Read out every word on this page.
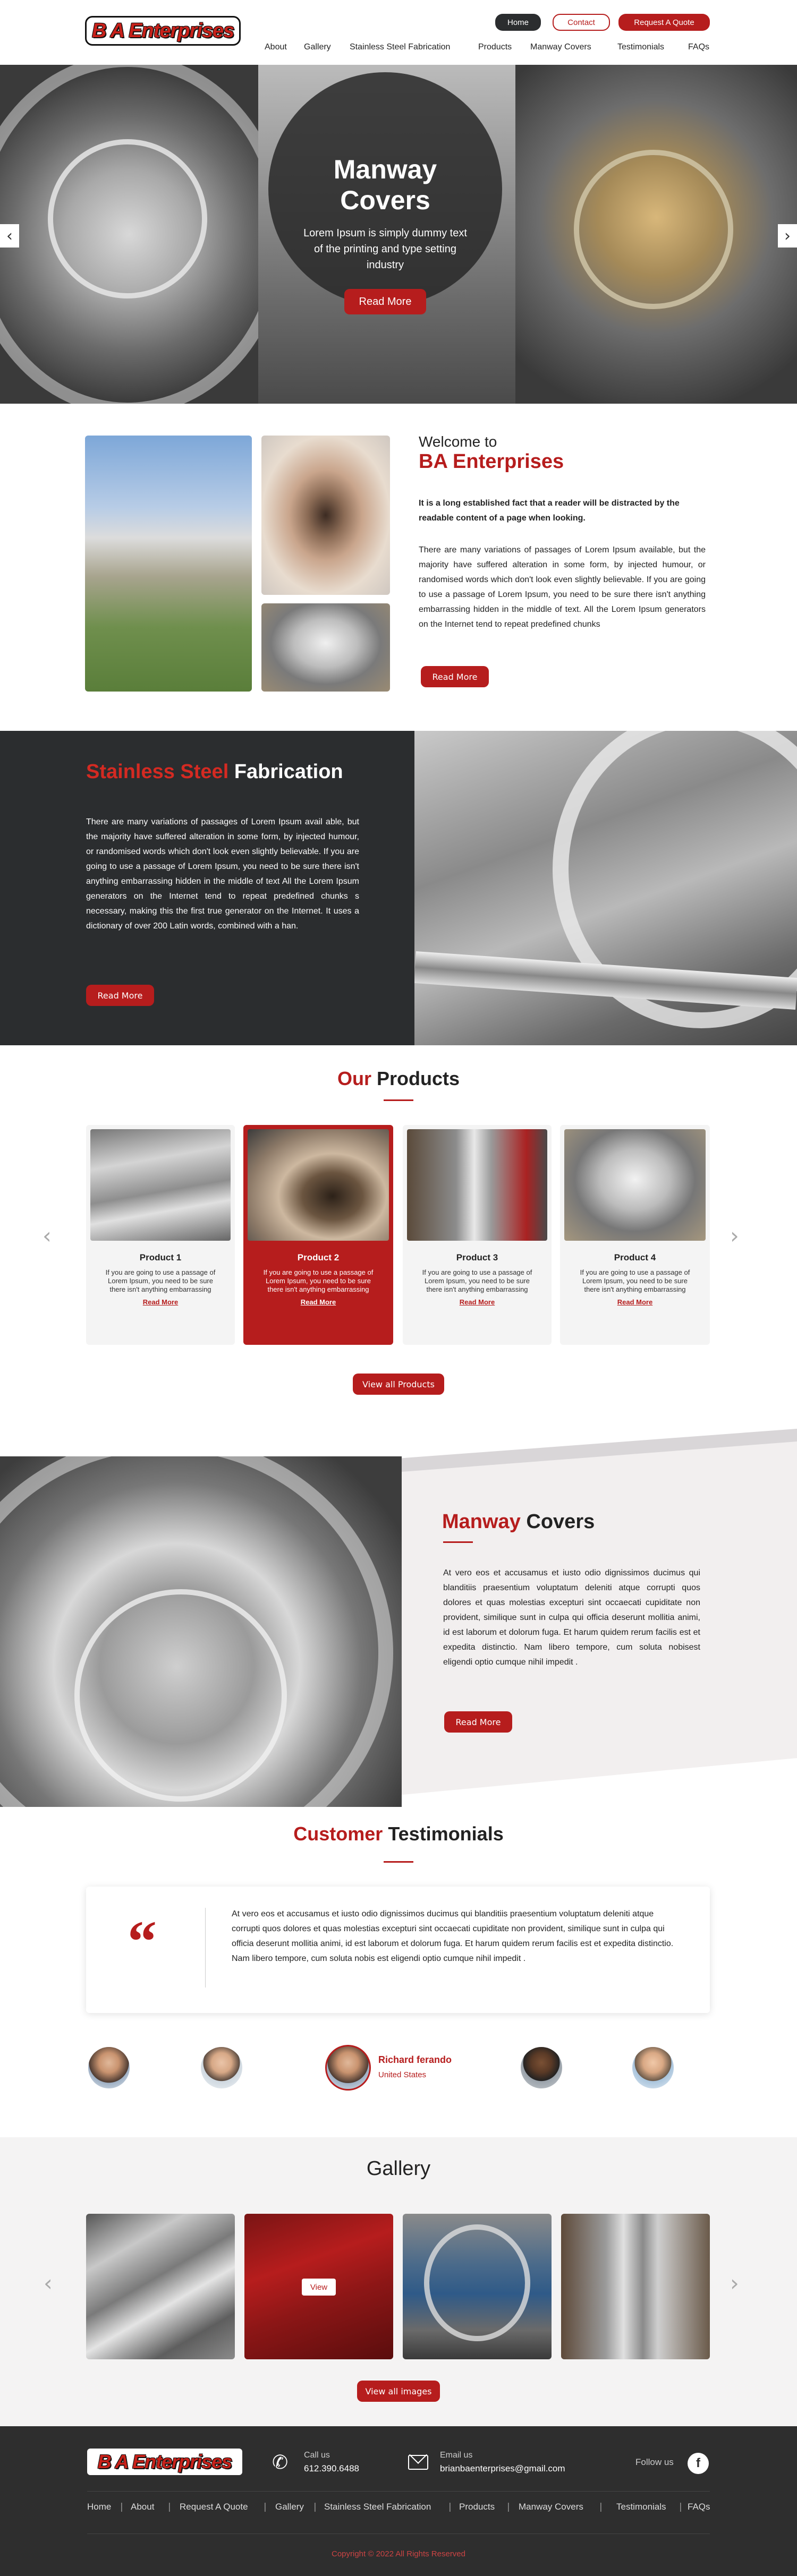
B A Enterprises	Home	Contact	Request A Quote
About Gallery Stainless Steel Fabrication	Products Manway Covers	Testimonials	FAQs
Manway Covers
Lorem Ipsum is simply dummy text of the printing and type setting industry
Read More
‹	›
Welcome to
BA Enterprises
It is a long established fact that a reader will be distracted by the readable content of a page when looking.
There are many variations of passages of Lorem Ipsum available, but the majority have suffered alteration in some form, by injected humour, or randomised words which don't look even slightly believable. If you are going to use a passage of Lorem Ipsum, you need to be sure there isn't anything embarrassing hidden in the middle of text. All the Lorem Ipsum generators on the Internet tend to repeat predefined chunks
Read More
Stainless Steel Fabrication
There are many variations of passages of Lorem Ipsum avail able, but the majority have suffered alteration in some form, by injected humour, or randomised words which don't look even slightly believable. If you are going to use a passage of Lorem Ipsum, you need to be sure there isn't anything embarrassing hidden in the middle of text All the Lorem Ipsum generators on the Internet tend to repeat predefined chunks s necessary, making this the first true generator on the Internet. It uses a dictionary of over 200 Latin words, combined with a han.
Read More
Our Products
‹	›
Product 1

If you are going to use a passage of Lorem Ipsum, you need to be sure there isn't anything embarrassing

Read More
Product 2

If you are going to use a passage of Lorem Ipsum, you need to be sure there isn't anything embarrassing

Read More
Product 3

If you are going to use a passage of Lorem Ipsum, you need to be sure there isn't anything embarrassing

Read More
Product 4

If you are going to use a passage of Lorem Ipsum, you need to be sure there isn't anything embarrassing

Read More
View all Products
Manway Covers
At vero eos et accusamus et iusto odio dignissimos ducimus qui blanditiis praesentium voluptatum deleniti atque corrupti quos dolores et quas molestias excepturi sint occaecati cupiditate non provident, similique sunt in culpa qui officia deserunt mollitia animi, id est laborum et dolorum fuga. Et harum quidem rerum facilis est et expedita distinctio. Nam libero tempore, cum soluta nobisest eligendi optio cumque nihil impedit .
Read More
Customer Testimonials
“	At vero eos et accusamus et iusto odio dignissimos ducimus qui blanditiis praesentium voluptatum deleniti atque corrupti quos dolores et quas molestias excepturi sint occaecati cupiditate non provident, similique sunt in culpa qui officia deserunt mollitia animi, id est laborum et dolorum fuga. Et harum quidem rerum facilis est et expedita distinctio. Nam libero tempore, cum soluta nobis est eligendi optio cumque nihil impedit .
Richard ferando
United States
Gallery
‹	›
View
View all images
B A Enterprises ✆ Call us
612.390.6488
Email us
brianbaenterprises@gmail.com
Follow us	f
Home | About | Request A Quote | Gallery | Stainless Steel Fabrication | Products | Manway Covers | Testimonials | FAQs
Copyright © 2022 All Rights Reserved
